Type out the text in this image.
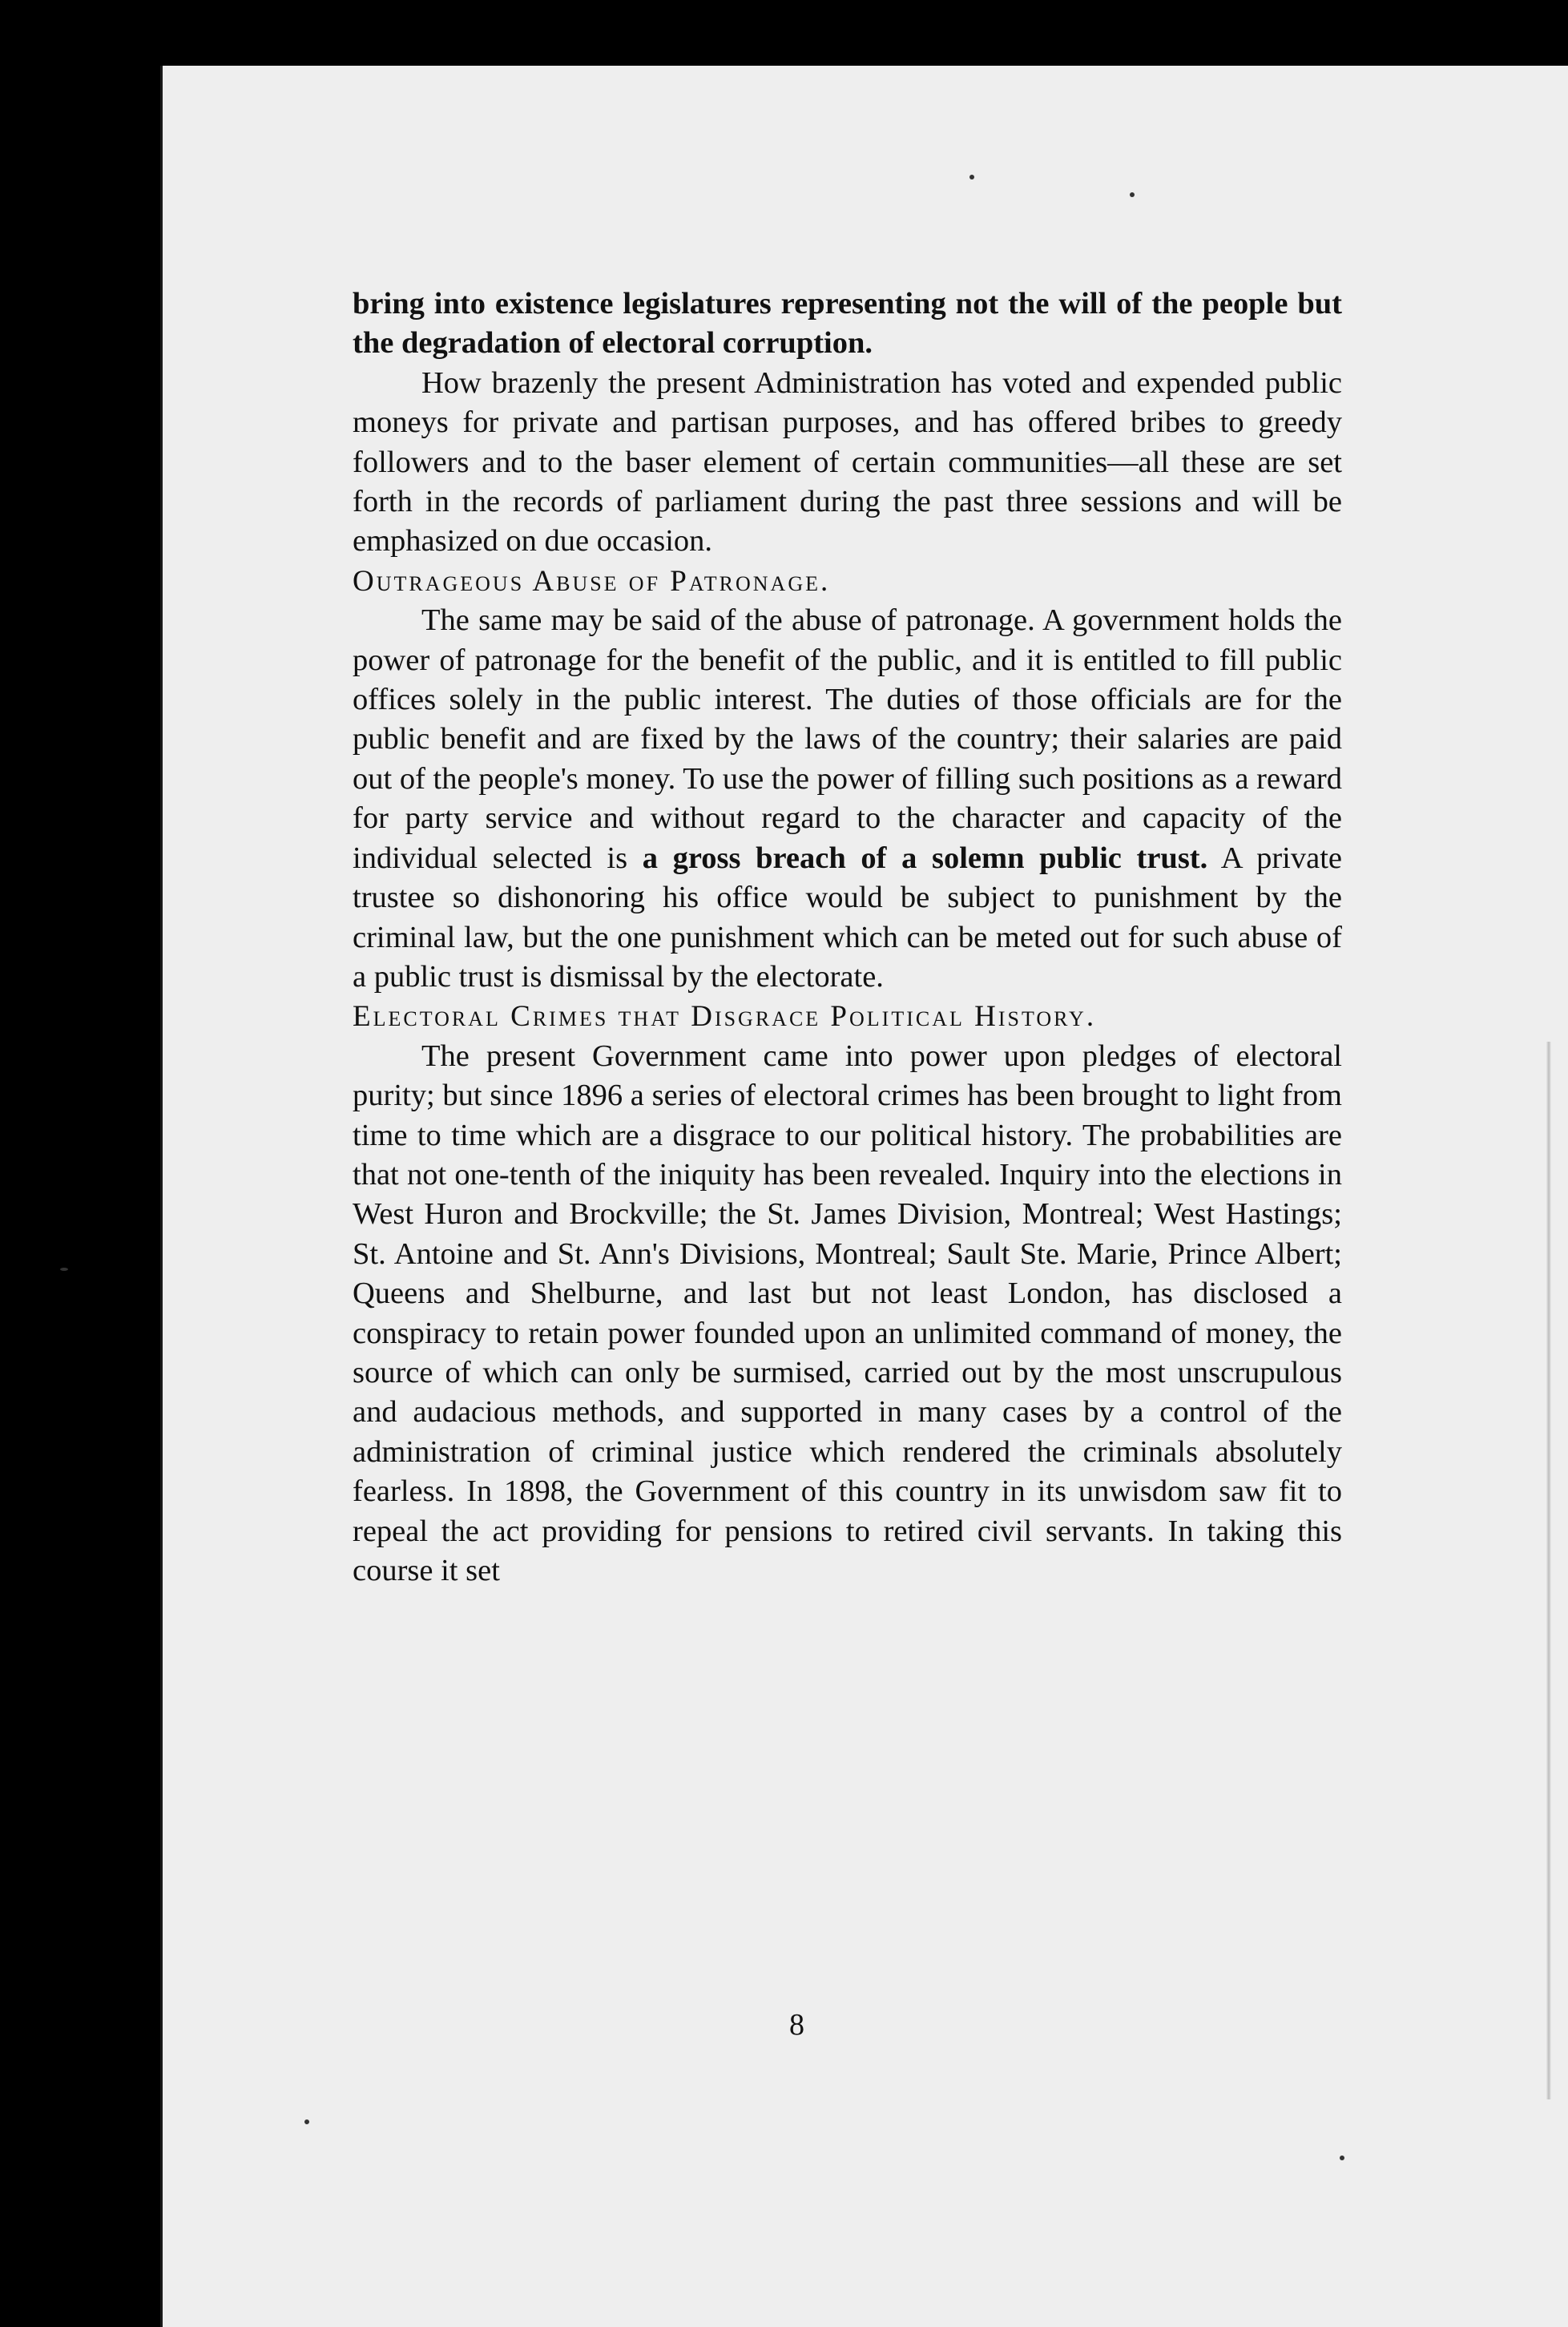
bring into existence legislatures representing not the will of the people but the degradation of electoral corruption.

How brazenly the present Administration has voted and expended public moneys for private and partisan purposes, and has offered bribes to greedy followers and to the baser element of certain communities—all these are set forth in the records of parliament during the past three sessions and will be emphasized on due occasion.

Outrageous Abuse of Patronage.

The same may be said of the abuse of patronage. A government holds the power of patronage for the benefit of the public, and it is entitled to fill public offices solely in the public interest. The duties of those officials are for the public benefit and are fixed by the laws of the country; their salaries are paid out of the people's money. To use the power of filling such positions as a reward for party service and without regard to the character and capacity of the individual selected is a gross breach of a solemn public trust. A private trustee so dishonoring his office would be subject to punishment by the criminal law, but the one punishment which can be meted out for such abuse of a public trust is dismissal by the electorate.

Electoral Crimes that Disgrace Political History.

The present Government came into power upon pledges of electoral purity; but since 1896 a series of electoral crimes has been brought to light from time to time which are a disgrace to our political history. The probabilities are that not one-tenth of the iniquity has been revealed. Inquiry into the elections in West Huron and Brockville; the St. James Division, Montreal; West Hastings; St. Antoine and St. Ann's Divisions, Montreal; Sault Ste. Marie, Prince Albert; Queens and Shelburne, and last but not least London, has disclosed a conspiracy to retain power founded upon an unlimited command of money, the source of which can only be surmised, carried out by the most unscrupulous and audacious methods, and supported in many cases by a control of the administration of criminal justice which rendered the criminals absolutely fearless. In 1898, the Government of this country in its unwisdom saw fit to repeal the act providing for pensions to retired civil servants. In taking this course it set

8
